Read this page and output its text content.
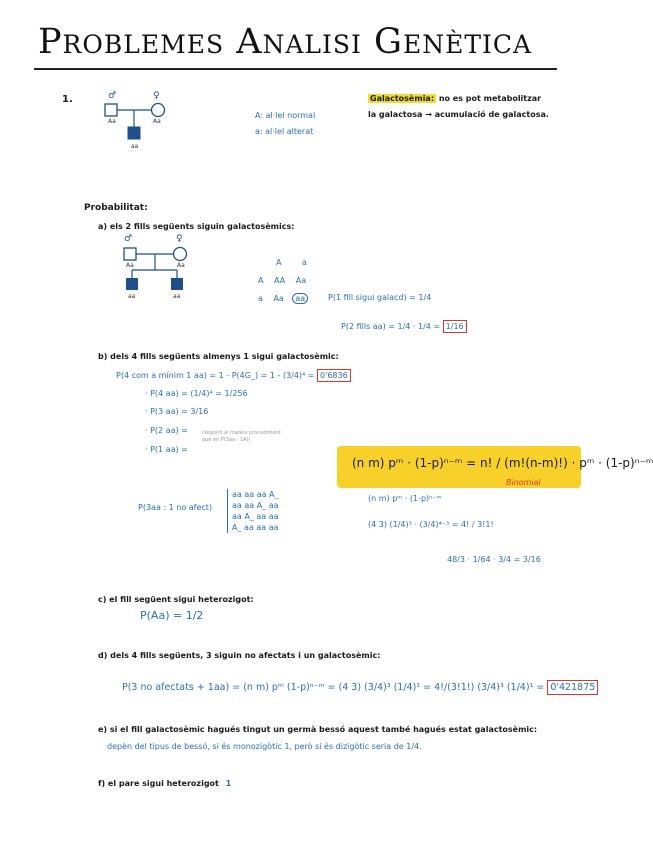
Problemes Analisi Genètica
1.	♂	♀
Aa	Aa
aa
A: al·lel normal
a: al·lel alterat
Galactosèmia: no es pot metabolitzar
la galactosa → acumulació de galactosa.
Probabilitat:
a) els 2 fills següents siguin galactosèmics:
♂	♀
Aa	Aa
aa	aa
A	a
A AA Aa
a Aa aa	P(1 fill sigui galacd) = 1/4
P(2 fills aa) = 1/4 · 1/4 = 1/16
b) dels 4 fills següents almenys 1 sigui galactosèmic:
P(4 com a mínim 1 aa) = 1 - P(4G_) = 1 - (3/4)⁴ = 0'6836
· P(4 aa) = (1/4)⁴ = 1/256
· P(3 aa) = 3/16
· P(2 aa) =
· P(1 aa) =
(seguint el mateix procediment
que en P(3aa : 1A))
(n m) pᵐ · (1-p)ⁿ⁻ᵐ = n! / (m!(n-m)!) · pᵐ · (1-p)ⁿ⁻ᵐ
Binomial
P(3aa : 1 no afect)
aa aa aa A_
aa aa A_ aa
aa A_ aa aa
A_ aa aa aa
(n m) pᵐ · (1-p)ⁿ⁻ᵐ
(4 3) (1/4)³ · (3/4)⁴⁻³ = 4! / 3!1!
48/3 · 1/64 · 3/4 = 3/16
c) el fill següent sigui heterozigot:
P(Aa) = 1/2
d) dels 4 fills següents, 3 siguin no afectats i un galactosèmic:
P(3 no afectats + 1aa) = (n m) pᵐ (1-p)ⁿ⁻ᵐ = (4 3) (3/4)³ (1/4)¹ = 4!/(3!1!) (3/4)³ (1/4)¹ = 0'421875
e) si el fill galactosèmic hagués tingut un germà bessó aquest també hagués estat galactosèmic:
depèn del tipus de bessó, si és monozigòtic 1, però si és dizigòtic seria de 1/4.
f) el pare sigui heterozigot 1
